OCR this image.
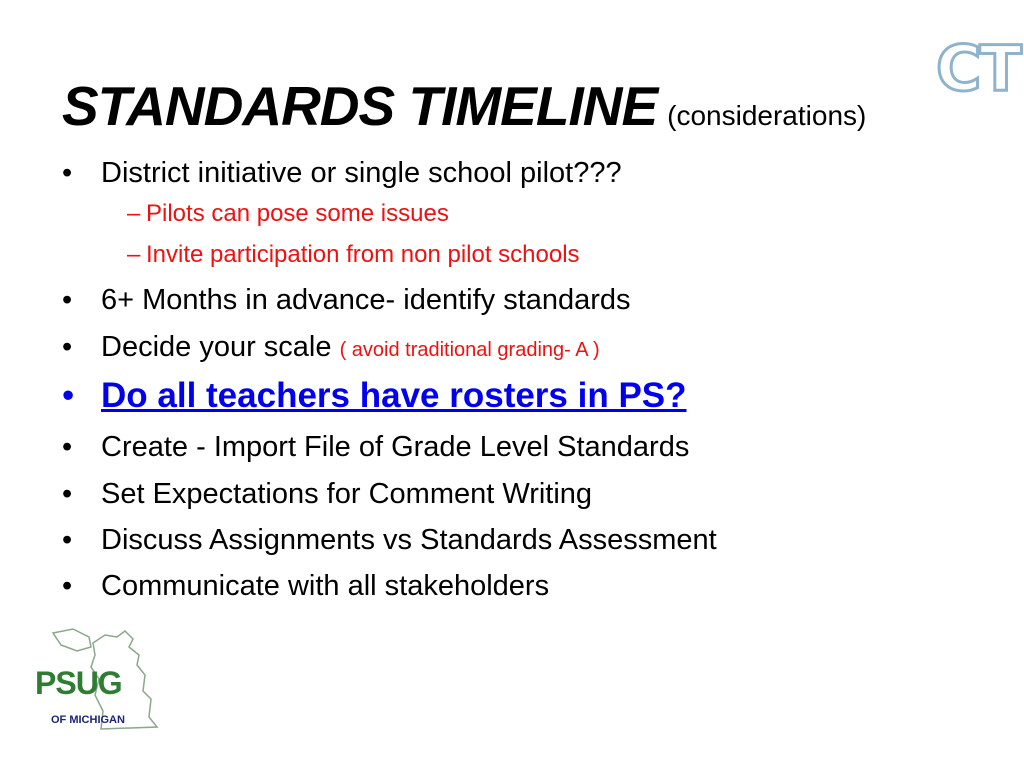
CT
STANDARDS TIMELINE (considerations)
• District initiative or single school pilot???
– Pilots can pose some issues
– Invite participation from non pilot schools
• 6+ Months in advance- identify standards
• Decide your scale ( avoid traditional grading- A )
• Do all teachers have rosters in PS?
• Create - Import File of Grade Level Standards
• Set Expectations for Comment Writing
• Discuss Assignments vs Standards Assessment
• Communicate with all stakeholders
PSUG
OF MICHIGAN
